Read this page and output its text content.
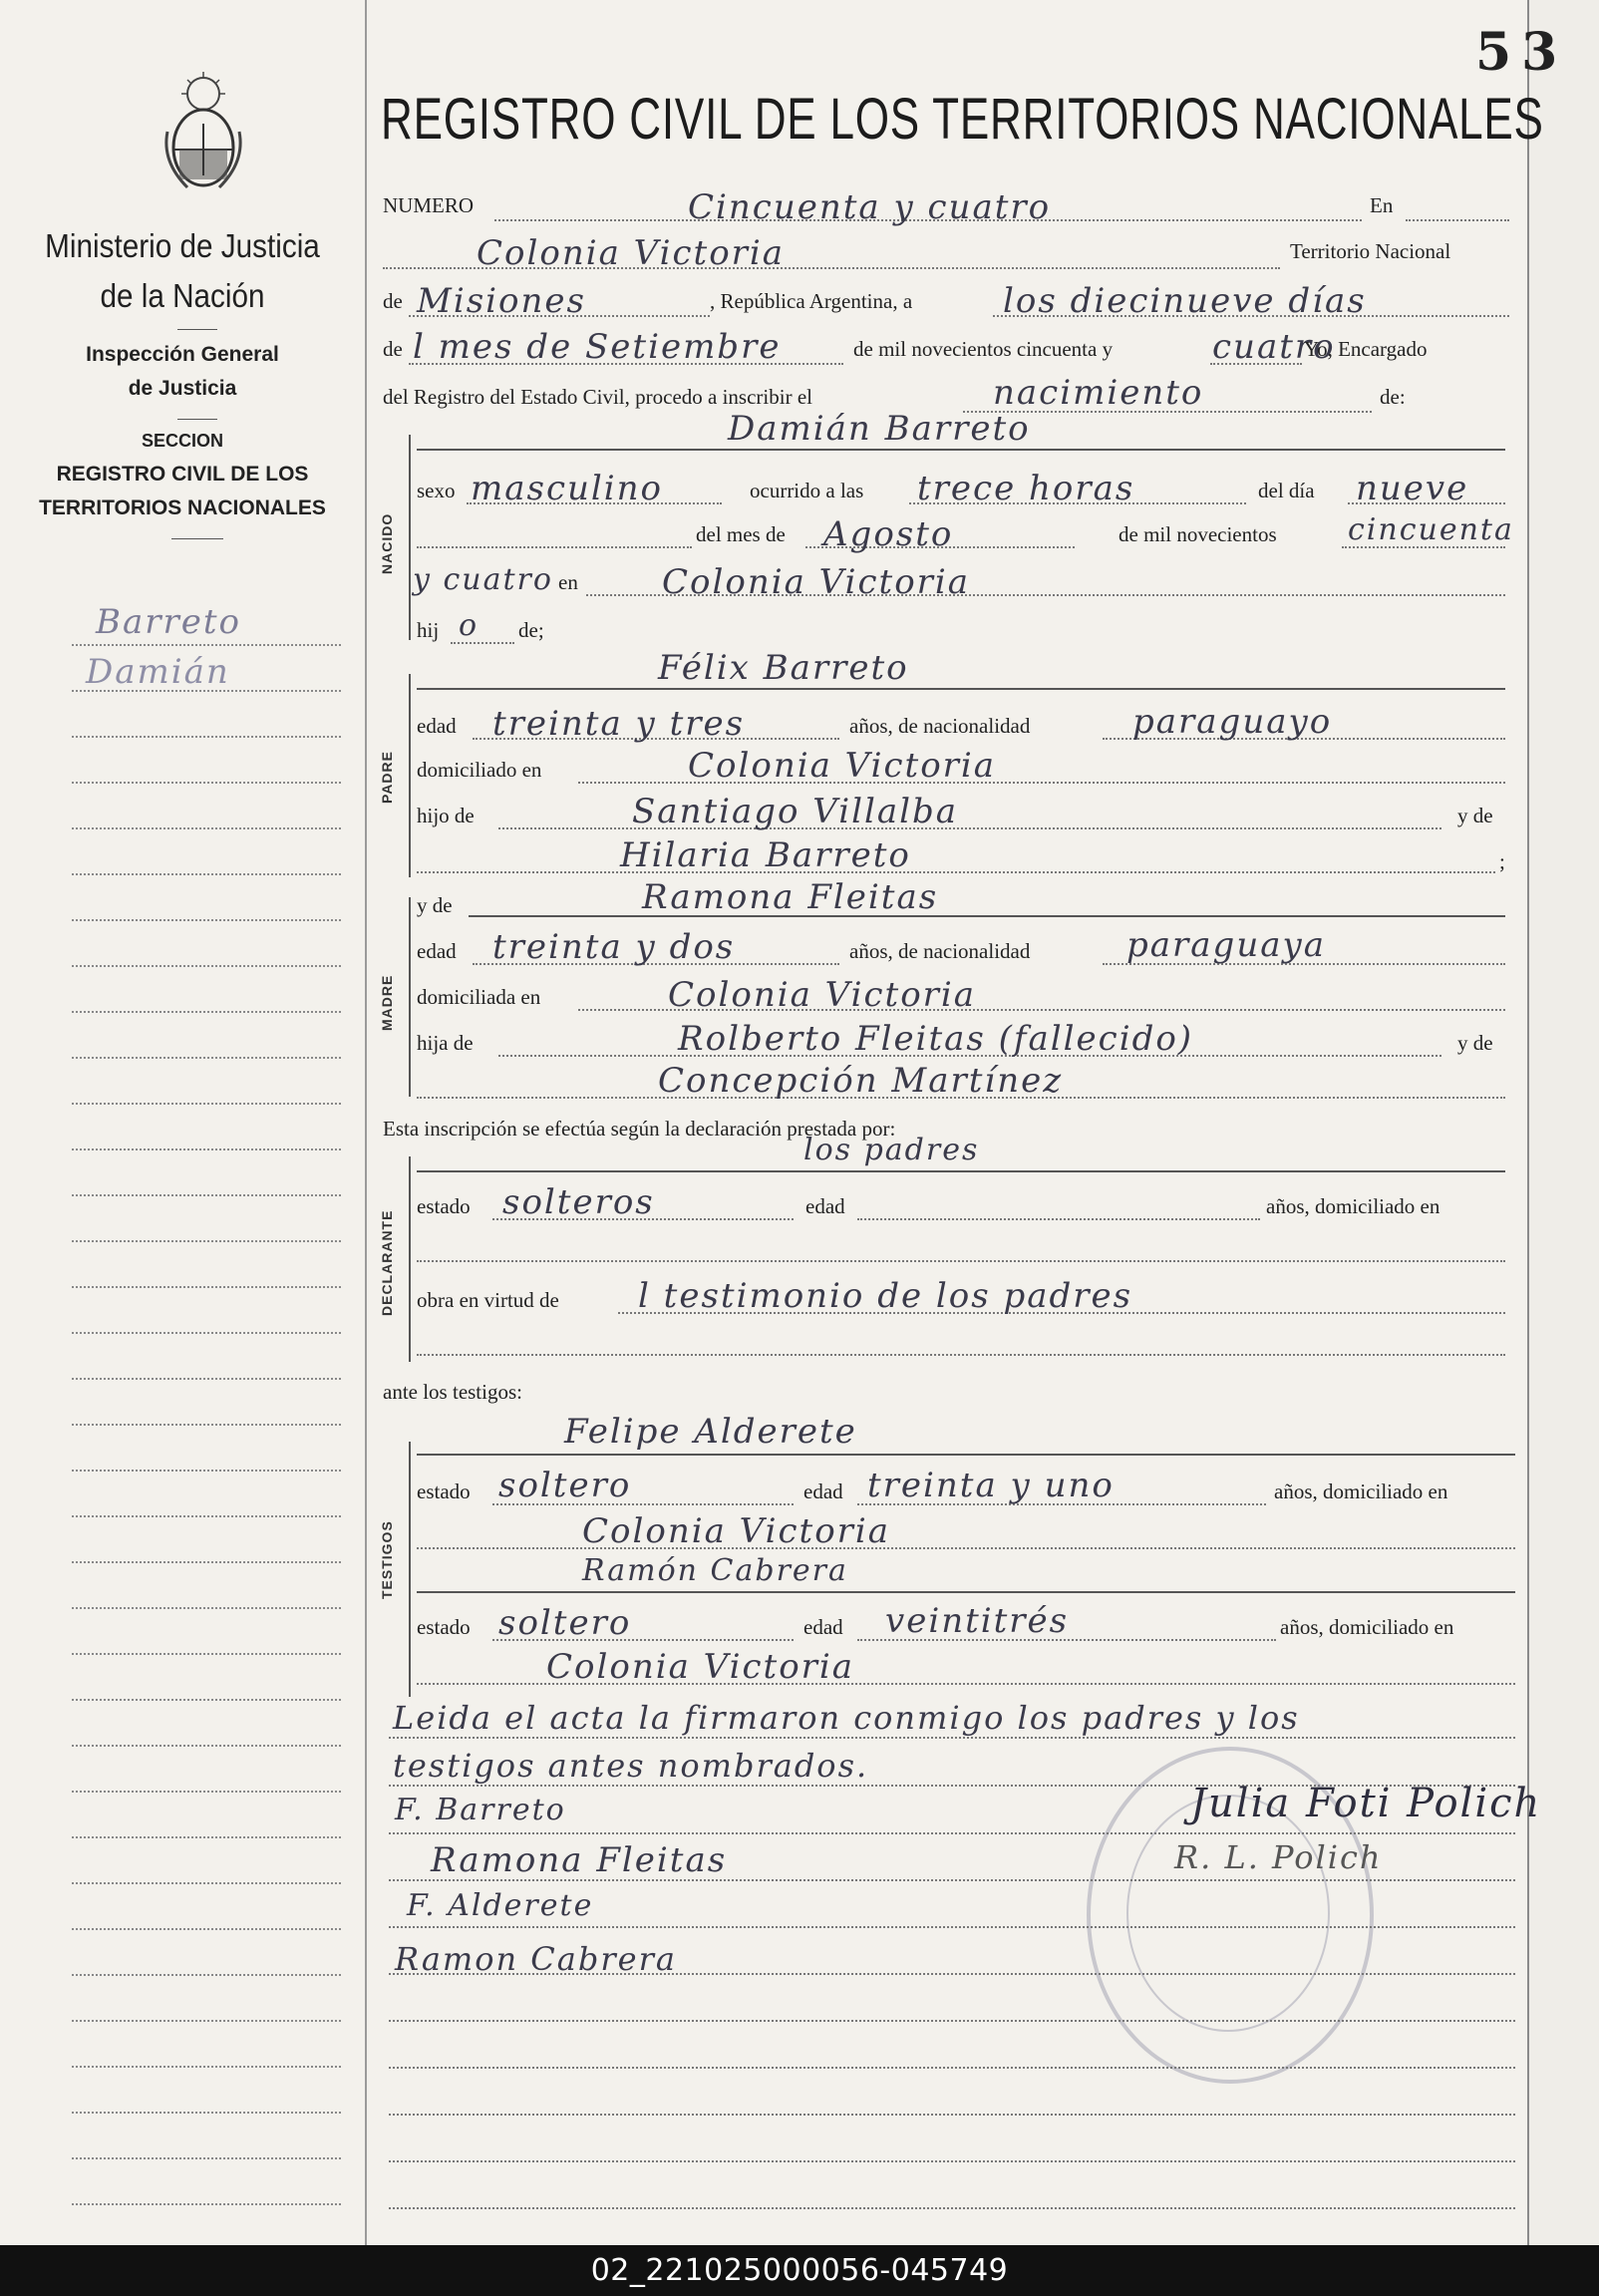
Ministerio de Justicia
de la Nación
Inspección General
de Justicia
SECCION
REGISTRO CIVIL DE LOS
TERRITORIOS NACIONALES
Barreto
Damián
53
REGISTRO CIVIL DE LOS TERRITORIOS NACIONALES
NUMERO	Cincuenta y cuatro	En
Colonia Victoria	Territorio Nacional
de Misiones	, República Argentina, a	los diecinueve días
de l mes de Setiembre	de mil novecientos cincuenta y	cuatro
Yo, Encargado
del Registro del Estado Civil, procedo a inscribir el	nacimiento	de:
NACIDO
Damián Barreto
sexo masculino	ocurrido a las trece horas	del día nueve
del mes de Agosto	de mil novecientos cincuenta
y cuatro en Colonia Victoria
hij o de;
PADRE
Félix Barreto
edad treinta y tres	años, de nacionalidad	paraguayo
domiciliado en	Colonia Victoria
hijo de	Santiago Villalba	y de
Hilaria Barreto	;
MADRE
y de	Ramona Fleitas
edad treinta y dos	años, de nacionalidad	paraguaya
domiciliada en	Colonia Victoria
hija de	Rolberto Fleitas (fallecido)	y de
Concepción Martínez
Esta inscripción se efectúa según la declaración prestada por:
DECLARANTE
los padres
estado solteros	edad	años, domiciliado en
obra en virtud de l testimonio de los padres
ante los testigos:
TESTIGOS
Felipe Alderete
estado soltero	edad treinta y uno	años, domiciliado en
Colonia Victoria
Ramón Cabrera
estado soltero	edad veintitrés	años, domiciliado en
Colonia Victoria
Leida el acta la firmaron conmigo los padres y los
testigos antes nombrados.
F. Barreto	Julia Foti Polich
Ramona Fleitas	R. L. Polich
F. Alderete
Ramon Cabrera
02_221025000056-045749
